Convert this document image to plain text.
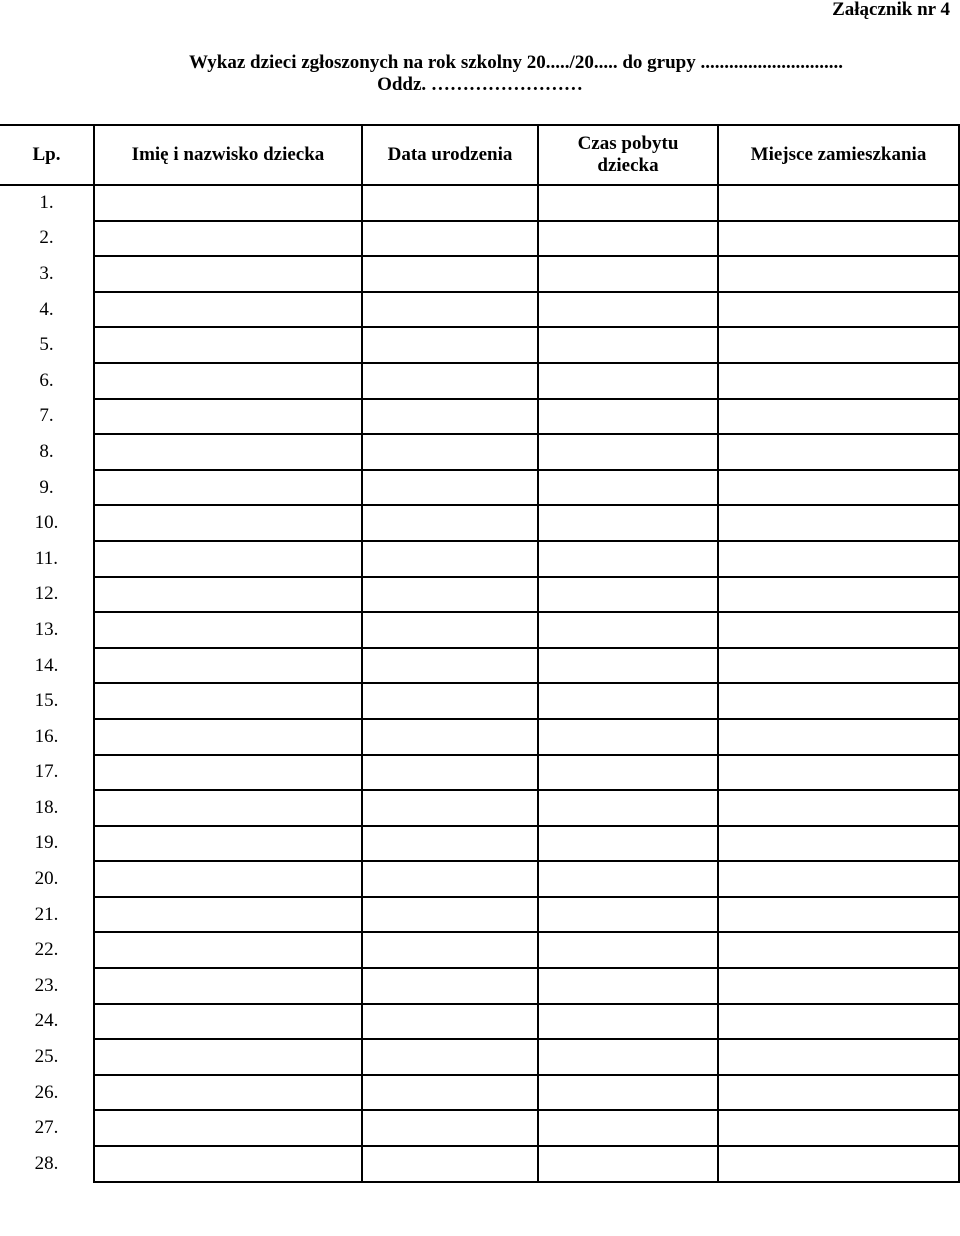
Załącznik nr 4
Wykaz dzieci zgłoszonych na rok szkolny 20...../20..... do grupy ..............................
Oddz. ……………………
Lp.	Imię i nazwisko dziecka	Data urodzenia	Czas pobytu dziecka	Miejsce zamieszkania
1.				
2.				
3.				
4.				
5.				
6.				
7.				
8.				
9.				
10.				
11.				
12.				
13.				
14.				
15.				
16.				
17.				
18.				
19.				
20.				
21.				
22.				
23.				
24.				
25.				
26.				
27.				
28.				
